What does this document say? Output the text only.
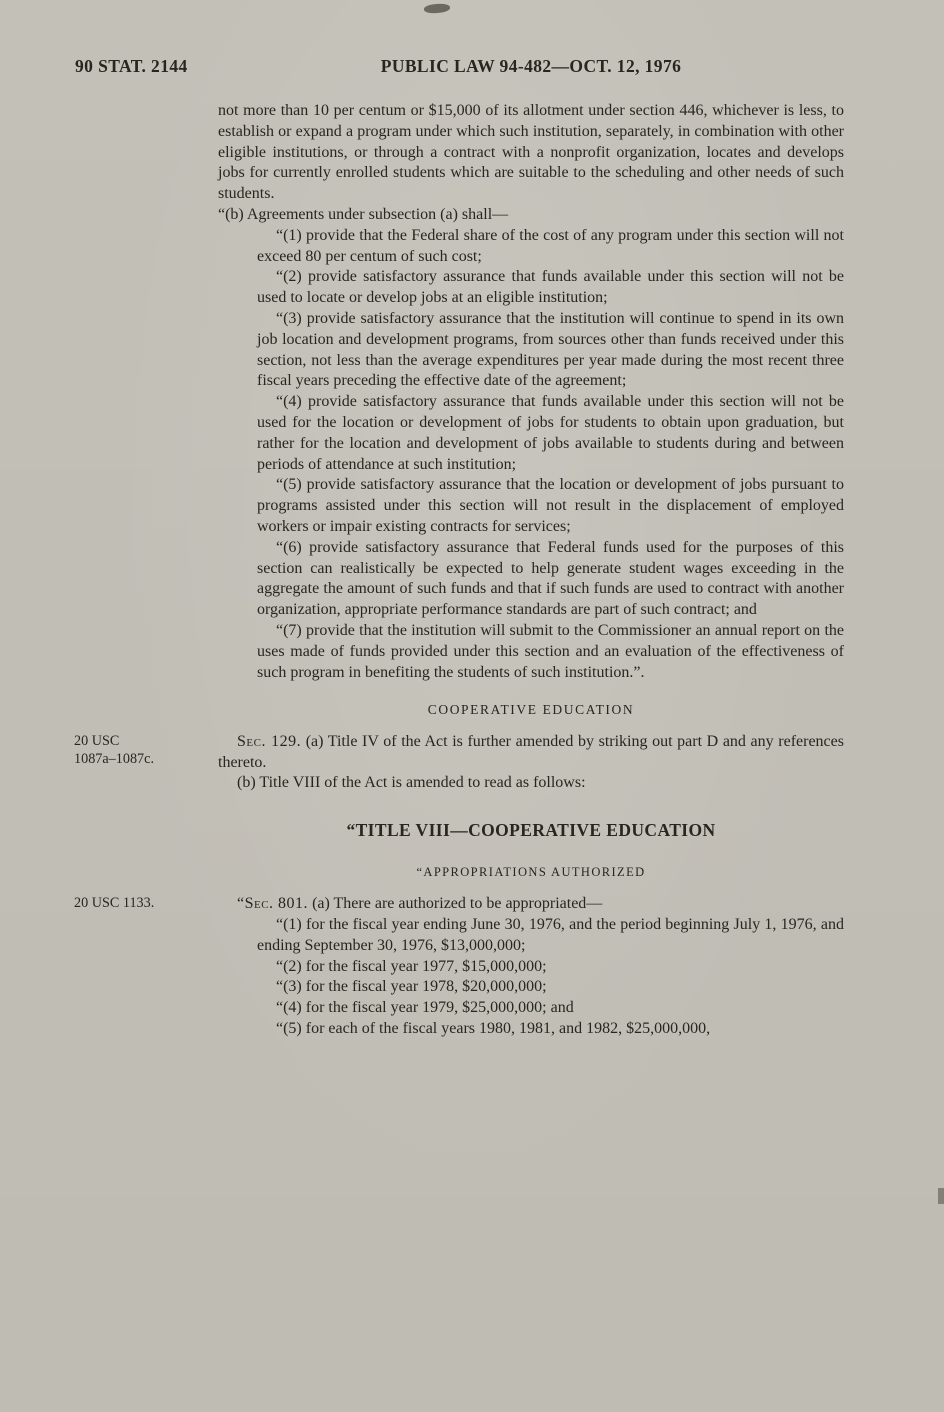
90 STAT. 2144	PUBLIC LAW 94-482—OCT. 12, 1976

not more than 10 per centum or $15,000 of its allotment under section 446, whichever is less, to establish or expand a program under which such institution, separately, in combination with other eligible institutions, or through a contract with a nonprofit organization, locates and develops jobs for currently enrolled students which are suitable to the scheduling and other needs of such students.

“(b) Agreements under subsection (a) shall—

“(1) provide that the Federal share of the cost of any program under this section will not exceed 80 per centum of such cost;

“(2) provide satisfactory assurance that funds available under this section will not be used to locate or develop jobs at an eligible institution;

“(3) provide satisfactory assurance that the institution will continue to spend in its own job location and development programs, from sources other than funds received under this section, not less than the average expenditures per year made during the most recent three fiscal years preceding the effective date of the agreement;

“(4) provide satisfactory assurance that funds available under this section will not be used for the location or development of jobs for students to obtain upon graduation, but rather for the location and development of jobs available to students during and between periods of attendance at such institution;

“(5) provide satisfactory assurance that the location or development of jobs pursuant to programs assisted under this section will not result in the displacement of employed workers or impair existing contracts for services;

“(6) provide satisfactory assurance that Federal funds used for the purposes of this section can realistically be expected to help generate student wages exceeding in the aggregate the amount of such funds and that if such funds are used to contract with another organization, appropriate performance standards are part of such contract; and

“(7) provide that the institution will submit to the Commissioner an annual report on the uses made of funds provided under this section and an evaluation of the effectiveness of such program in benefiting the students of such institution.”.

COOPERATIVE EDUCATION

20 USC
1087a–1087c.

Sec. 129. (a) Title IV of the Act is further amended by striking out part D and any references thereto.

(b) Title VIII of the Act is amended to read as follows:

“TITLE VIII—COOPERATIVE EDUCATION

“APPROPRIATIONS AUTHORIZED

20 USC 1133.	“Sec. 801. (a) There are authorized to be appropriated—

“(1) for the fiscal year ending June 30, 1976, and the period beginning July 1, 1976, and ending September 30, 1976, $13,000,000;

“(2) for the fiscal year 1977, $15,000,000;

“(3) for the fiscal year 1978, $20,000,000;

“(4) for the fiscal year 1979, $25,000,000; and

“(5) for each of the fiscal years 1980, 1981, and 1982, $25,000,000,
